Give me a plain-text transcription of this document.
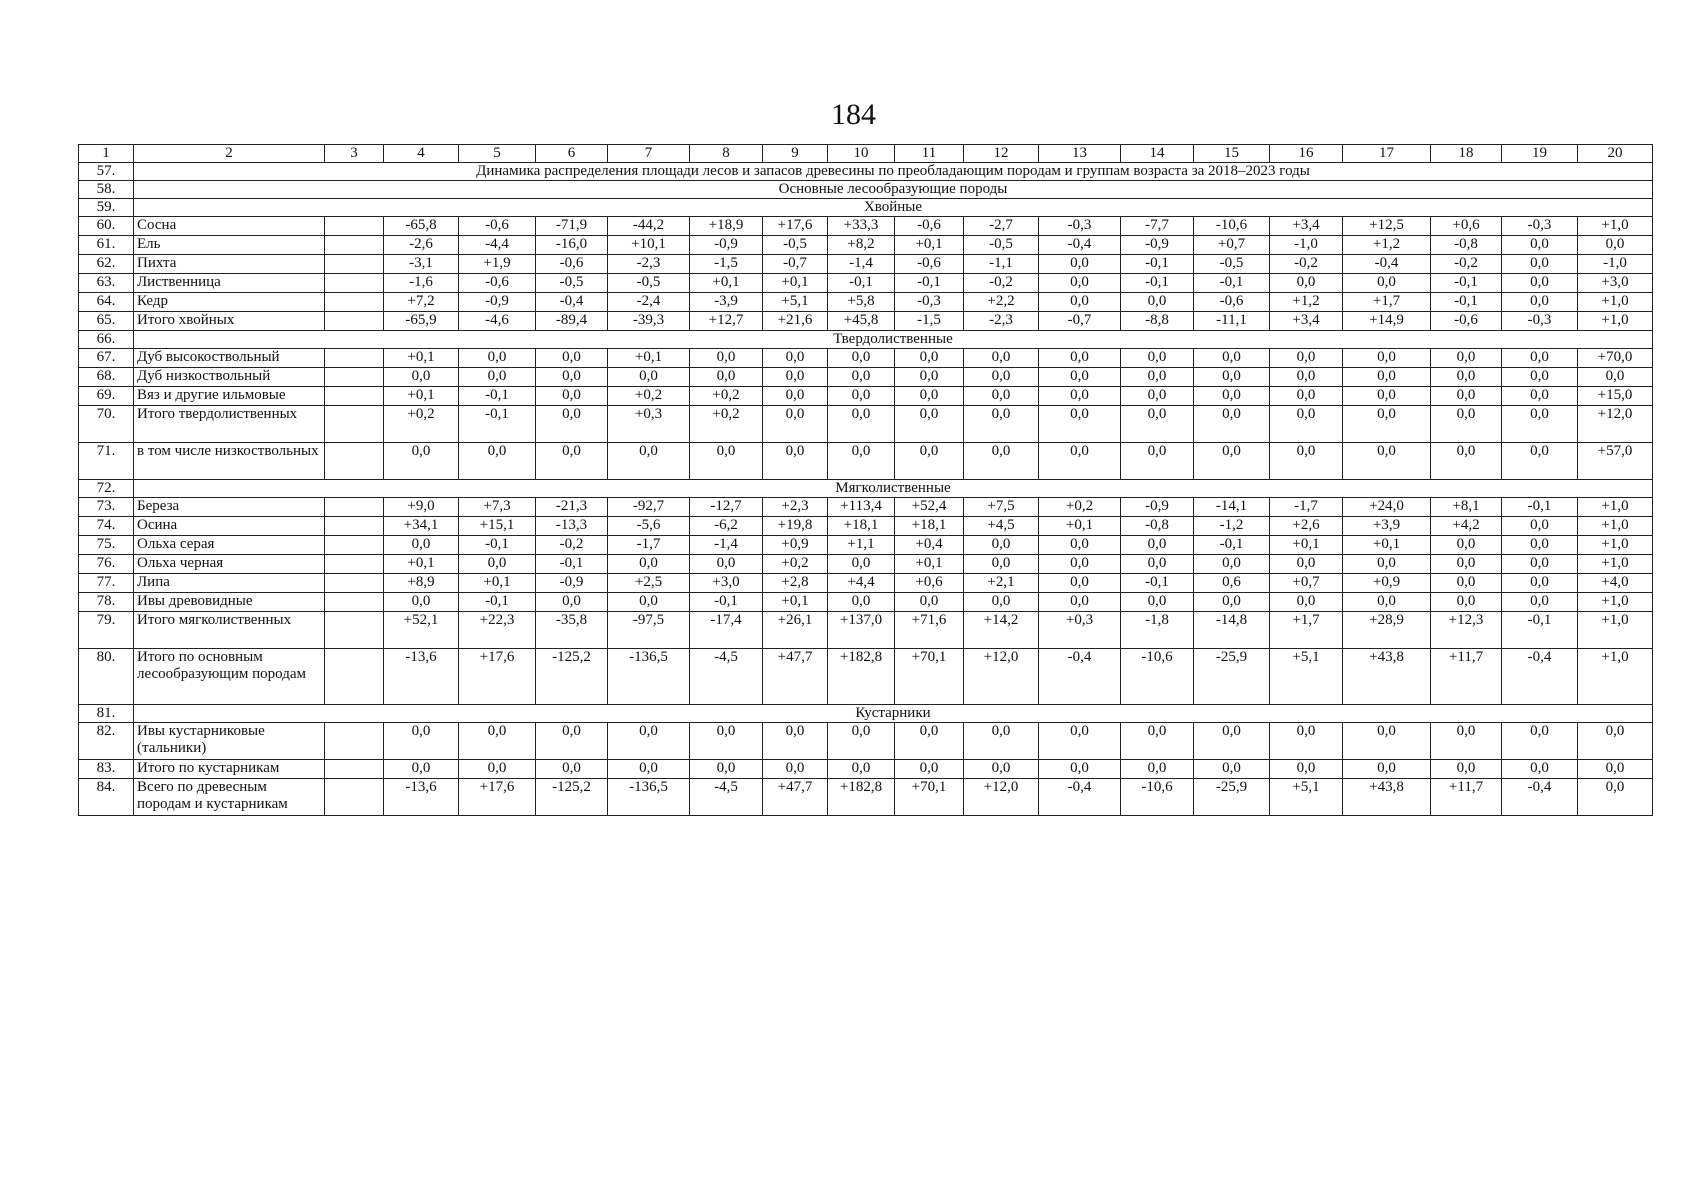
184
1	2	3	4	5	6	7	8	9	10	11	12	13	14	15	16	17	18	19	20
57.	Динамика распределения площади лесов и запасов древесины по преобладающим породам и группам возраста за 2018–2023 годы																		
58.	Основные лесообразующие породы																		
59.	Хвойные																		
60.	Сосна		-65,8	-0,6	-71,9	-44,2	+18,9	+17,6	+33,3	-0,6	-2,7	-0,3	-7,7	-10,6	+3,4	+12,5	+0,6	-0,3	+1,0
61.	Ель		-2,6	-4,4	-16,0	+10,1	-0,9	-0,5	+8,2	+0,1	-0,5	-0,4	-0,9	+0,7	-1,0	+1,2	-0,8	0,0	0,0
62.	Пихта		-3,1	+1,9	-0,6	-2,3	-1,5	-0,7	-1,4	-0,6	-1,1	0,0	-0,1	-0,5	-0,2	-0,4	-0,2	0,0	-1,0
63.	Лиственница		-1,6	-0,6	-0,5	-0,5	+0,1	+0,1	-0,1	-0,1	-0,2	0,0	-0,1	-0,1	0,0	0,0	-0,1	0,0	+3,0
64.	Кедр		+7,2	-0,9	-0,4	-2,4	-3,9	+5,1	+5,8	-0,3	+2,2	0,0	0,0	-0,6	+1,2	+1,7	-0,1	0,0	+1,0
65.	Итого хвойных		-65,9	-4,6	-89,4	-39,3	+12,7	+21,6	+45,8	-1,5	-2,3	-0,7	-8,8	-11,1	+3,4	+14,9	-0,6	-0,3	+1,0
66.	Твердолиственные																		
67.	Дуб высокоствольный		+0,1	0,0	0,0	+0,1	0,0	0,0	0,0	0,0	0,0	0,0	0,0	0,0	0,0	0,0	0,0	0,0	+70,0
68.	Дуб низкоствольный		0,0	0,0	0,0	0,0	0,0	0,0	0,0	0,0	0,0	0,0	0,0	0,0	0,0	0,0	0,0	0,0	0,0
69.	Вяз и другие ильмовые		+0,1	-0,1	0,0	+0,2	+0,2	0,0	0,0	0,0	0,0	0,0	0,0	0,0	0,0	0,0	0,0	0,0	+15,0
70.	Итого твердолиственных		+0,2	-0,1	0,0	+0,3	+0,2	0,0	0,0	0,0	0,0	0,0	0,0	0,0	0,0	0,0	0,0	0,0	+12,0
71.	в том числе низкоствольных		0,0	0,0	0,0	0,0	0,0	0,0	0,0	0,0	0,0	0,0	0,0	0,0	0,0	0,0	0,0	0,0	+57,0
72.	Мягколиственные																		
73.	Береза		+9,0	+7,3	-21,3	-92,7	-12,7	+2,3	+113,4	+52,4	+7,5	+0,2	-0,9	-14,1	-1,7	+24,0	+8,1	-0,1	+1,0
74.	Осина		+34,1	+15,1	-13,3	-5,6	-6,2	+19,8	+18,1	+18,1	+4,5	+0,1	-0,8	-1,2	+2,6	+3,9	+4,2	0,0	+1,0
75.	Ольха серая		0,0	-0,1	-0,2	-1,7	-1,4	+0,9	+1,1	+0,4	0,0	0,0	0,0	-0,1	+0,1	+0,1	0,0	0,0	+1,0
76.	Ольха черная		+0,1	0,0	-0,1	0,0	0,0	+0,2	0,0	+0,1	0,0	0,0	0,0	0,0	0,0	0,0	0,0	0,0	+1,0
77.	Липа		+8,9	+0,1	-0,9	+2,5	+3,0	+2,8	+4,4	+0,6	+2,1	0,0	-0,1	0,6	+0,7	+0,9	0,0	0,0	+4,0
78.	Ивы древовидные		0,0	-0,1	0,0	0,0	-0,1	+0,1	0,0	0,0	0,0	0,0	0,0	0,0	0,0	0,0	0,0	0,0	+1,0
79.	Итого мягколиственных		+52,1	+22,3	-35,8	-97,5	-17,4	+26,1	+137,0	+71,6	+14,2	+0,3	-1,8	-14,8	+1,7	+28,9	+12,3	-0,1	+1,0
80.	Итого по основным лесообразующим породам		-13,6	+17,6	-125,2	-136,5	-4,5	+47,7	+182,8	+70,1	+12,0	-0,4	-10,6	-25,9	+5,1	+43,8	+11,7	-0,4	+1,0
81.	Кустарники																		
82.	Ивы кустарниковые (тальники)		0,0	0,0	0,0	0,0	0,0	0,0	0,0	0,0	0,0	0,0	0,0	0,0	0,0	0,0	0,0	0,0	0,0
83.	Итого по кустарникам		0,0	0,0	0,0	0,0	0,0	0,0	0,0	0,0	0,0	0,0	0,0	0,0	0,0	0,0	0,0	0,0	0,0
84.	Всего по древесным породам и кустарникам		-13,6	+17,6	-125,2	-136,5	-4,5	+47,7	+182,8	+70,1	+12,0	-0,4	-10,6	-25,9	+5,1	+43,8	+11,7	-0,4	0,0
